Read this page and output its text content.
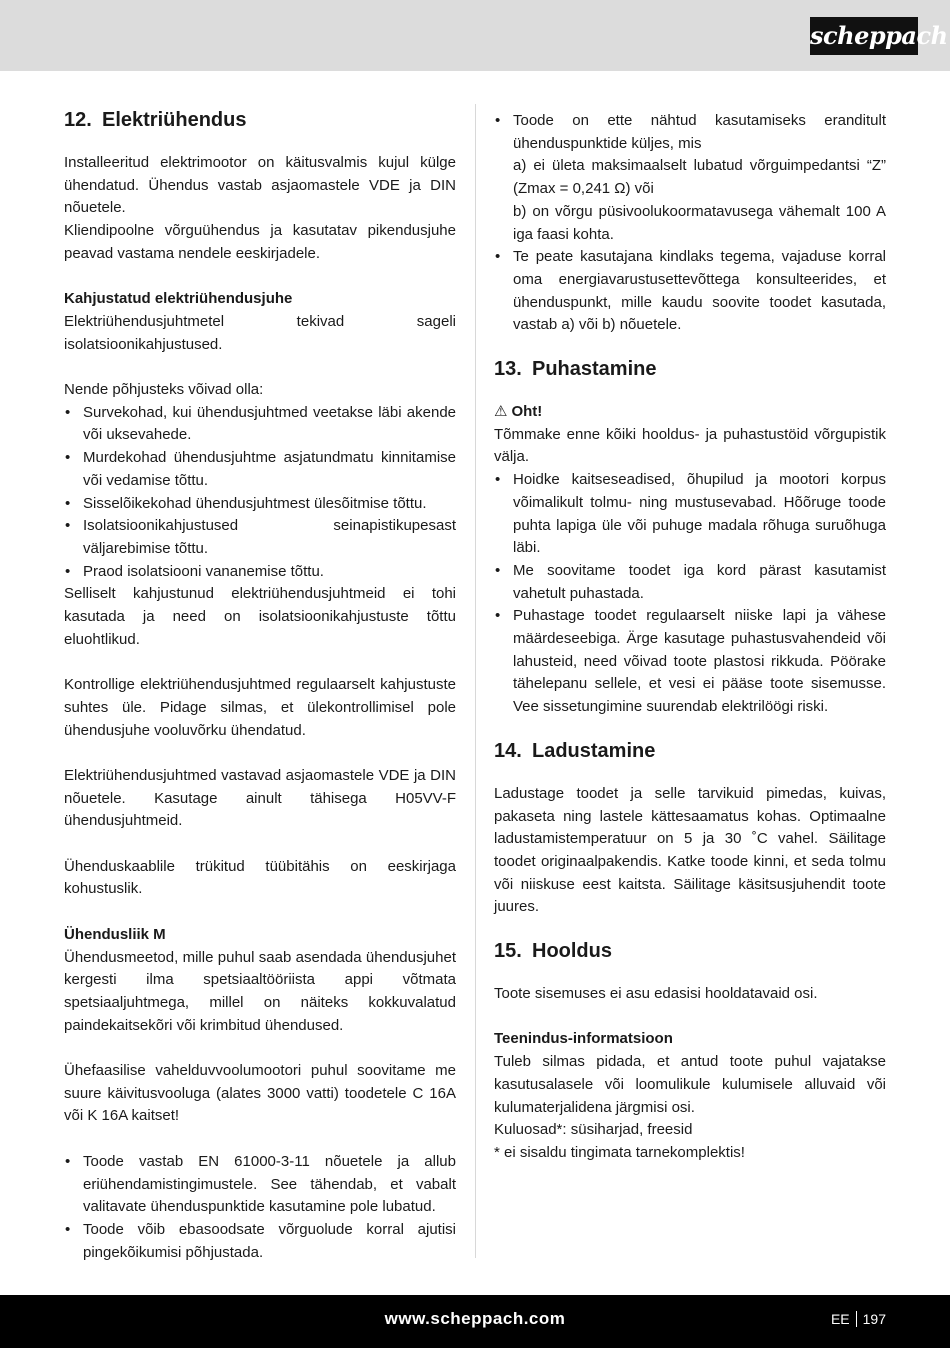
scheppach
12. Elektriühendus

Installeeritud elektrimootor on käitusvalmis kujul külge ühendatud. Ühendus vastab asjaomastele VDE ja DIN nõuetele.

Kliendipoolne võrguühendus ja kasutatav pikendusjuhe peavad vastama nendele eeskirjadele.

Kahjustatud elektriühendusjuhe

Elektriühendusjuhtmetel tekivad sageli isolatsioonikahjustused.

Nende põhjusteks võivad olla:

• Survekohad, kui ühendusjuhtmed veetakse läbi akende või uksevahede.
• Murdekohad ühendusjuhtme asjatundmatu kinnitamise või vedamise tõttu.
• Sisselõikekohad ühendusjuhtmest ülesõitmise tõttu.
• Isolatsioonikahjustused seinapistikupesast väljarebimise tõttu.
• Praod isolatsiooni vananemise tõttu.

Selliselt kahjustunud elektriühendusjuhtmeid ei tohi kasutada ja need on isolatsioonikahjustuste tõttu eluohtlikud.

Kontrollige elektriühendusjuhtmed regulaarselt kahjustuste suhtes üle. Pidage silmas, et ülekontrollimisel pole ühendusjuhe vooluvõrku ühendatud.

Elektriühendusjuhtmed vastavad asjaomastele VDE ja DIN nõuetele. Kasutage ainult tähisega H05VV-F ühendusjuhtmeid.

Ühenduskaablile trükitud tüübitähis on eeskirjaga kohustuslik.

Ühendusliik M

Ühendusmeetod, mille puhul saab asendada ühendusjuhet kergesti ilma spetsiaaltööriista appi võtmata spetsiaaljuhtmega, millel on näiteks kokkuvalatud paindekaitsekõri või krimbitud ühendused.

Ühefaasilise vahelduvvoolumootori puhul soovitame me suure käivitusvooluga (alates 3000 vatti) toodetele C 16A või K 16A kaitset!

• Toode vastab EN 61000-3-11 nõuetele ja allub eriühendamistingimustele. See tähendab, et vabalt valitavate ühenduspunktide kasutamine pole lubatud.
• Toode võib ebasoodsate võrguolude korral ajutisi pingekõikumisi põhjustada.
• Toode on ette nähtud kasutamiseks eranditult ühenduspunktide küljes, mis
a) ei ületa maksimaalselt lubatud võrguimpedantsi “Z” (Zmax = 0,241 Ω) või
b) on võrgu püsivoolukoormatavusega vähemalt 100 A iga faasi kohta.
• Te peate kasutajana kindlaks tegema, vajaduse korral oma energiavarustusettevõttega konsulteerides, et ühenduspunkt, mille kaudu soovite toodet kasutada, vastab a) või b) nõuetele.
13. Puhastamine
⚠ Oht!

Tõmmake enne kõiki hooldus- ja puhastustöid võrgupistik välja.

• Hoidke kaitseseadised, õhupilud ja mootori korpus võimalikult tolmu- ning mustusevabad. Hõõruge toode puhta lapiga üle või puhuge madala rõhuga suruõhuga läbi.
• Me soovitame toodet iga kord pärast kasutamist vahetult puhastada.
• Puhastage toodet regulaarselt niiske lapi ja vähese määrdeseebiga. Ärge kasutage puhastusvahendeid või lahusteid, need võivad toote plastosi rikkuda. Pöörake tähelepanu sellele, et vesi ei pääse toote sisemusse. Vee sissetungimine suurendab elektrilöögi riski.
14. Ladustamine

Ladustage toodet ja selle tarvikuid pimedas, kuivas, pakaseta ning lastele kättesaamatus kohas. Optimaalne ladustamistemperatuur on 5 ja 30 ˚C vahel. Säilitage toodet originaalpakendis. Katke toode kinni, et seda tolmu või niiskuse eest kaitsta. Säilitage käsitsusjuhendit toote juures.

15. Hooldus

Toote sisemuses ei asu edasisi hooldatavaid osi.

Teenindus-informatsioon

Tuleb silmas pidada, et antud toote puhul vajatakse kasutusalasele või loomulikule kulumisele alluvaid või kulumaterjalidena järgmisi osi.

Kuluosad*: süsiharjad, freesid

* ei sisaldu tingimata tarnekomplektis!

www.scheppach.com	EE 197
